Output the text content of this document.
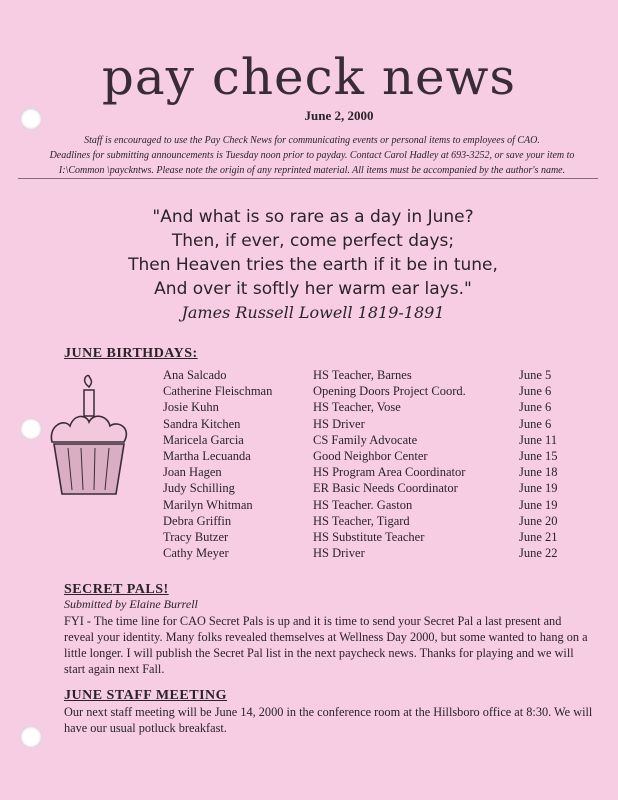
pay check news
June 2, 2000
Staff is encouraged to use the Pay Check News for communicating events or personal items to employees of CAO.
Deadlines for submitting announcements is Tuesday noon prior to payday. Contact Carol Hadley at 693-3252, or save your item to
I:\Common \payckntws. Please note the origin of any reprinted material. All items must be accompanied by the author's name.
"And what is so rare as a day in June?
Then, if ever, come perfect days;
Then Heaven tries the earth if it be in tune,
And over it softly her warm ear lays."
James Russell Lowell 1819-1891
JUNE BIRTHDAYS:
Ana Salcado	HS Teacher, Barnes	June 5
Catherine Fleischman	Opening Doors Project Coord.	June 6
Josie Kuhn	HS Teacher, Vose	June 6
Sandra Kitchen	HS Driver	June 6
Maricela Garcia	CS Family Advocate	June 11
Martha Lecuanda	Good Neighbor Center	June 15
Joan Hagen	HS Program Area Coordinator	June 18
Judy Schilling	ER Basic Needs Coordinator	June 19
Marilyn Whitman	HS Teacher. Gaston	June 19
Debra Griffin	HS Teacher, Tigard	June 20
Tracy Butzer	HS Substitute Teacher	June 21
Cathy Meyer	HS Driver	June 22
SECRET PALS!
Submitted by Elaine Burrell
FYI - The time line for CAO Secret Pals is up and it is time to send your Secret Pal a last present and reveal your identity. Many folks revealed themselves at Wellness Day 2000, but some wanted to hang on a little longer. I will publish the Secret Pal list in the next paycheck news. Thanks for playing and we will start again next Fall.
JUNE STAFF MEETING
Our next staff meeting will be June 14, 2000 in the conference room at the Hillsboro office at 8:30. We will have our usual potluck breakfast.
